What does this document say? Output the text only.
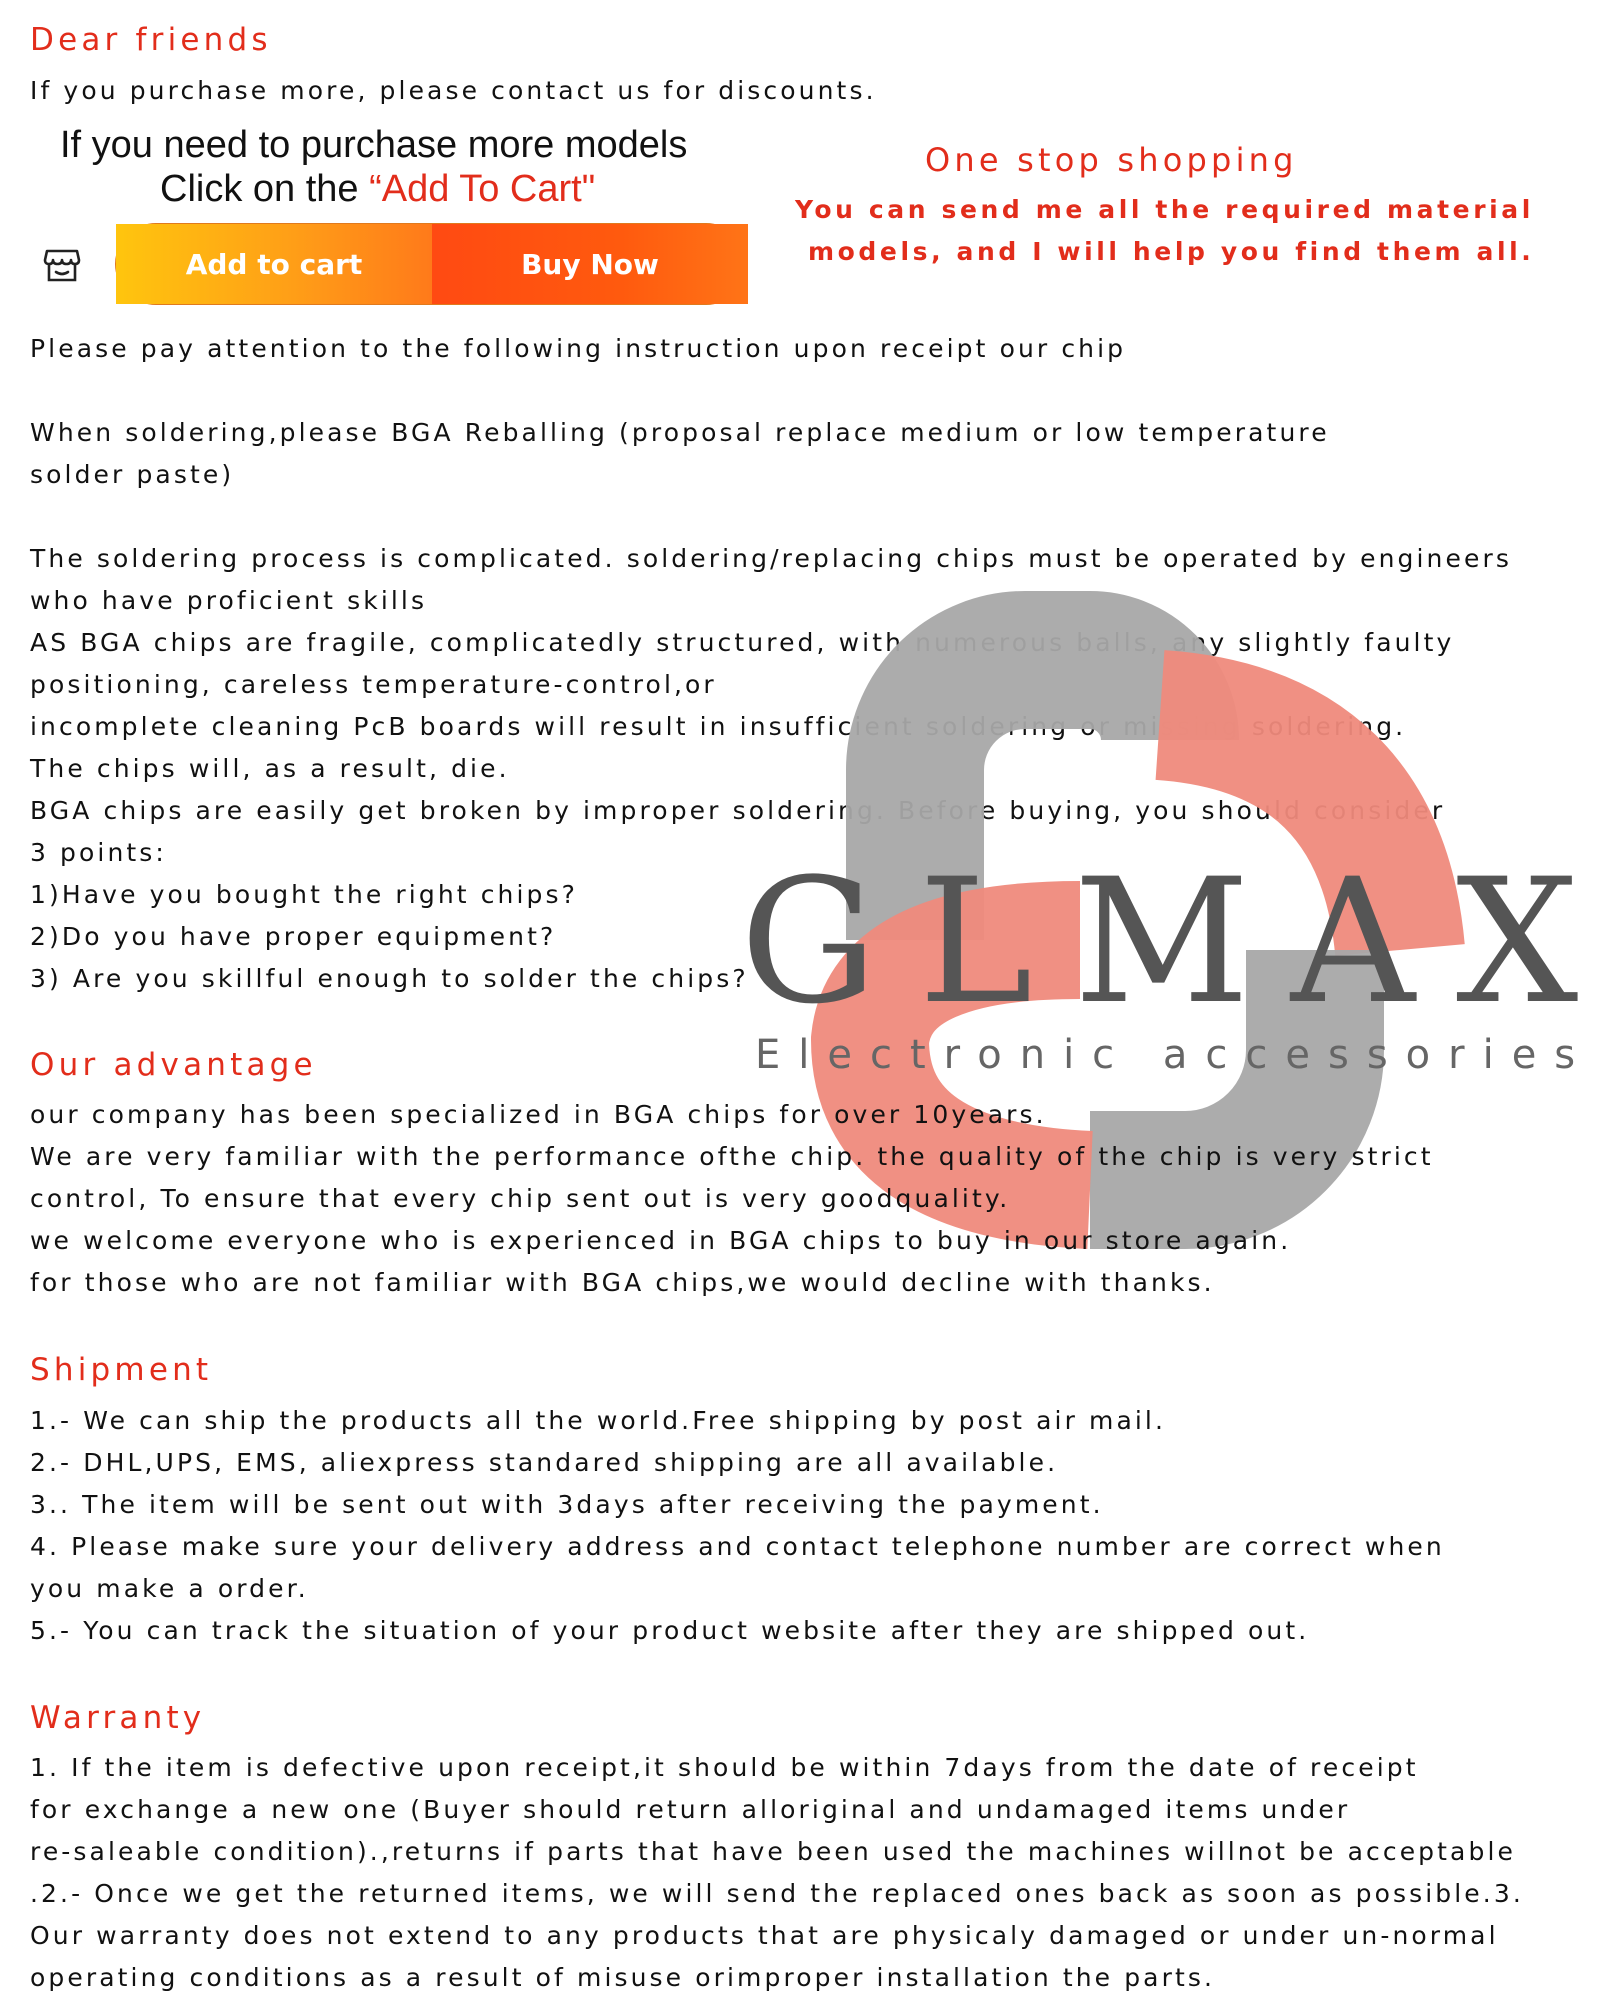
Dear friends

If you purchase more, please contact us for discounts.

If you need to purchase more models

Click on the “Add To Cart"

Add to cart	Buy Now

One stop shopping

You can send me all the required material

models, and I will help you find them all.

Please pay attention to the following instruction upon receipt our chip

When soldering,please BGA Reballing (proposal replace medium or low temperature

solder paste)

The soldering process is complicated. soldering/replacing chips must be operated by engineers

who have proficient skills

AS BGA chips are fragile, complicatedly structured, with numerous balls, any slightly faulty

positioning, careless temperature-control,or

incomplete cleaning PcB boards will result in insufficient soldering or missing soldering.

The chips will, as a result, die.

BGA chips are easily get broken by improper soldering. Before buying, you should consider

3 points:

1)Have you bought the right chips?

2)Do you have proper equipment?

3) Are you skillful enough to solder the chips?

GLMAX
Electronic accessories

Our advantage

our company has been specialized in BGA chips for over 10years.

We are very familiar with the performance ofthe chip. the quality of the chip is very strict

control, To ensure that every chip sent out is very goodquality.

we welcome everyone who is experienced in BGA chips to buy in our store again.

for those who are not familiar with BGA chips,we would decline with thanks.

Shipment

1.- We can ship the products all the world.Free shipping by post air mail.

2.- DHL,UPS, EMS, aliexpress standared shipping are all available.

3.. The item will be sent out with 3days after receiving the payment.

4. Please make sure your delivery address and contact telephone number are correct when

you make a order.

5.- You can track the situation of your product website after they are shipped out.

Warranty

1. If the item is defective upon receipt,it should be within 7days from the date of receipt

for exchange a new one (Buyer should return alloriginal and undamaged items under

re-saleable condition).,returns if parts that have been used the machines willnot be acceptable

.2.- Once we get the returned items, we will send the replaced ones back as soon as possible.3.

Our warranty does not extend to any products that are physicaly damaged or under un-normal

operating conditions as a result of misuse orimproper installation the parts.
